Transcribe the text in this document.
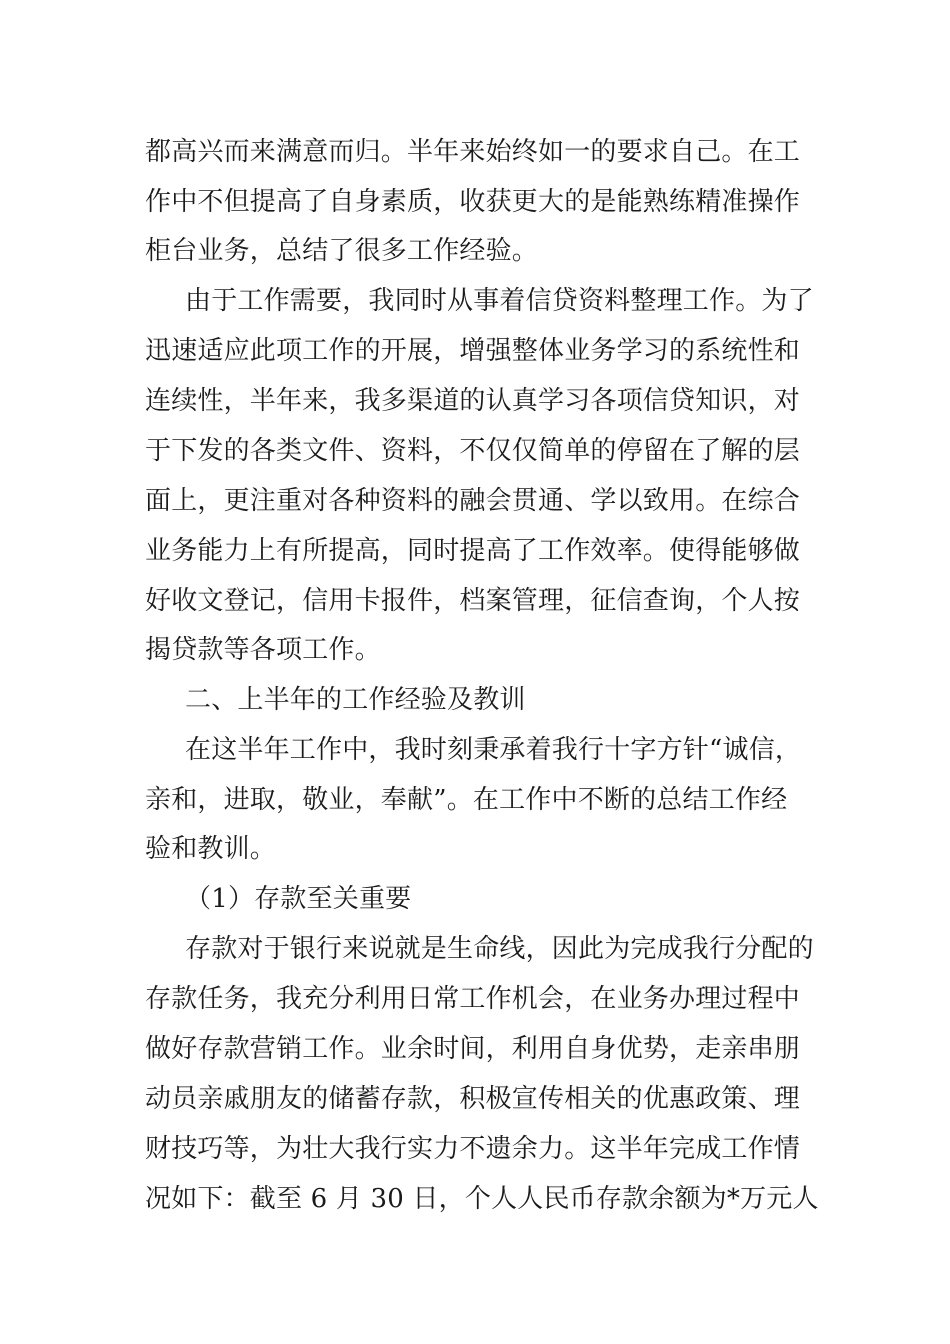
都高兴而来满意而归。半年来始终如一的要求自己。在工

作中不但提高了自身素质，收获更大的是能熟练精准操作

柜台业务，总结了很多工作经验。

由于工作需要，我同时从事着信贷资料整理工作。为了

迅速适应此项工作的开展，增强整体业务学习的系统性和

连续性，半年来，我多渠道的认真学习各项信贷知识，对

于下发的各类文件、资料，不仅仅简单的停留在了解的层

面上，更注重对各种资料的融会贯通、学以致用。在综合

业务能力上有所提高，同时提高了工作效率。使得能够做

好收文登记，信用卡报件，档案管理，征信查询，个人按

揭贷款等各项工作。

二、上半年的工作经验及教训

在这半年工作中，我时刻秉承着我行十字方针“诚信，

亲和，进取，敬业，奉献”。在工作中不断的总结工作经

验和教训。

（1）存款至关重要

存款对于银行来说就是生命线，因此为完成我行分配的

存款任务，我充分利用日常工作机会，在业务办理过程中

做好存款营销工作。业余时间，利用自身优势，走亲串朋

动员亲戚朋友的储蓄存款，积极宣传相关的优惠政策、理

财技巧等，为壮大我行实力不遗余力。这半年完成工作情

况如下：截至 6 月 30 日，个人人民币存款余额为*万元人
